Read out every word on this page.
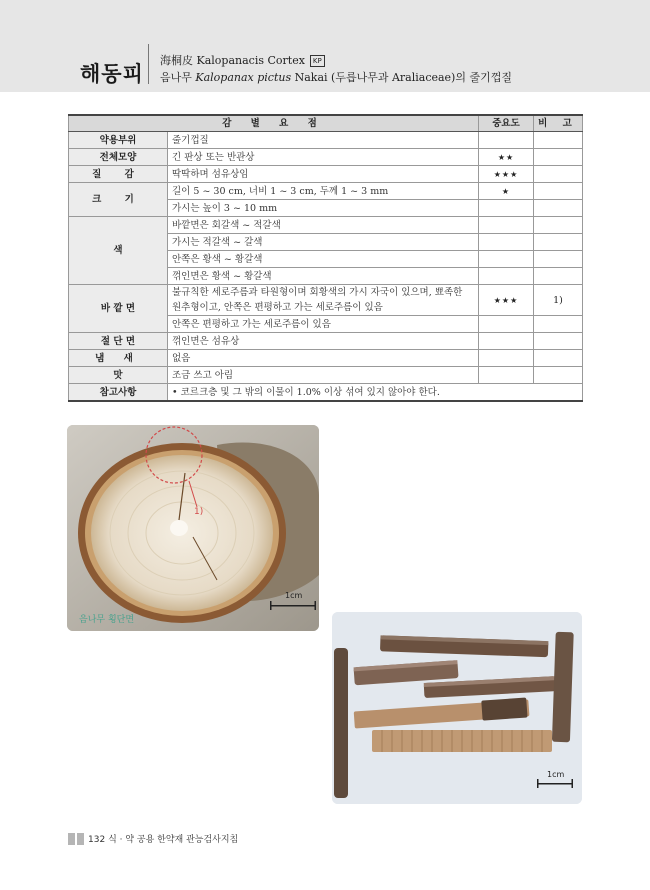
해동피
海桐皮 Kalopanacis Cortex KP
음나무 Kalopanax pictus Nakai (두릅나무과 Araliaceae)의 줄기껍질
감 별 요 점		중요도	비 고
약용부위	줄기껍질		
전체모양	긴 판상 또는 반관상	★★	
질 감	딱딱하며 섬유상임	★★★	
크 기	길이 5 ~ 30 cm, 너비 1 ~ 3 cm, 두께 1 ~ 3 mm	★	
	가시는 높이 3 ~ 10 mm		
색	바깥면은 회갈색 ~ 적갈색		
	가시는 적갈색 ~ 갈색		
	안쪽은 황색 ~ 황갈색		
	꺾인면은 황색 ~ 황갈색		
바 깥 면	불규칙한 세로주름과 타원형이며 회황색의 가시 자국이 있으며, 뾰족한 원추형이고, 안쪽은 편평하고 가는 세로주름이 있음	★★★	1)
	안쪽은 편평하고 가는 세로주름이 있음		
절 단 면	꺾인면은 섬유상		
냄 새	없음		
맛	조금 쓰고 아림		
참고사항	• 코르크층 및 그 밖의 이물이 1.0% 이상 섞여 있지 않아야 한다.		
1)
1cm
음나무 횡단면
1cm
132 식 · 약 공용 한약재 관능검사지침
